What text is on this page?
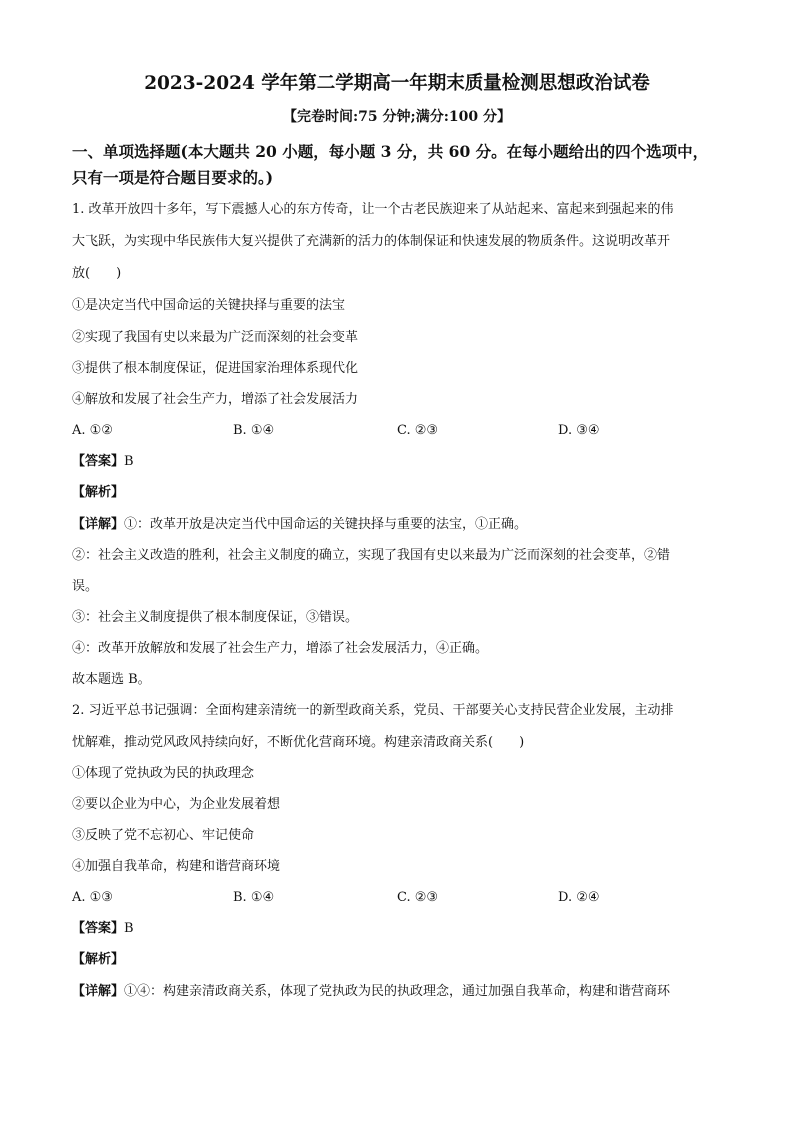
2023-2024 学年第二学期高一年期末质量检测思想政治试卷
【完卷时间:75 分钟;满分:100 分】
一、单项选择题(本大题共 20 小题，每小题 3 分，共 60 分。在每小题给出的四个选项中，
只有一项是符合题目要求的。)
1. 改革开放四十多年，写下震撼人心的东方传奇，让一个古老民族迎来了从站起来、富起来到强起来的伟
大飞跃，为实现中华民族伟大复兴提供了充满新的活力的体制保证和快速发展的物质条件。这说明改革开
放(　　)
①是决定当代中国命运的关键抉择与重要的法宝
②实现了我国有史以来最为广泛而深刻的社会变革
③提供了根本制度保证，促进国家治理体系现代化
④解放和发展了社会生产力，增添了社会发展活力
A. ①②	B. ①④	C. ②③	D. ③④
【答案】B
【解析】
【详解】①：改革开放是决定当代中国命运的关键抉择与重要的法宝，①正确。
②：社会主义改造的胜利，社会主义制度的确立，实现了我国有史以来最为广泛而深刻的社会变革，②错
误。
③：社会主义制度提供了根本制度保证，③错误。
④：改革开放解放和发展了社会生产力，增添了社会发展活力，④正确。
故本题选 B。
2. 习近平总书记强调：全面构建亲清统一的新型政商关系，党员、干部要关心支持民营企业发展，主动排
忧解难，推动党风政风持续向好，不断优化营商环境。构建亲清政商关系(　　)
①体现了党执政为民的执政理念
②要以企业为中心，为企业发展着想
③反映了党不忘初心、牢记使命
④加强自我革命，构建和谐营商环境
A. ①③	B. ①④	C. ②③	D. ②④
【答案】B
【解析】
【详解】①④：构建亲清政商关系，体现了党执政为民的执政理念，通过加强自我革命，构建和谐营商环
